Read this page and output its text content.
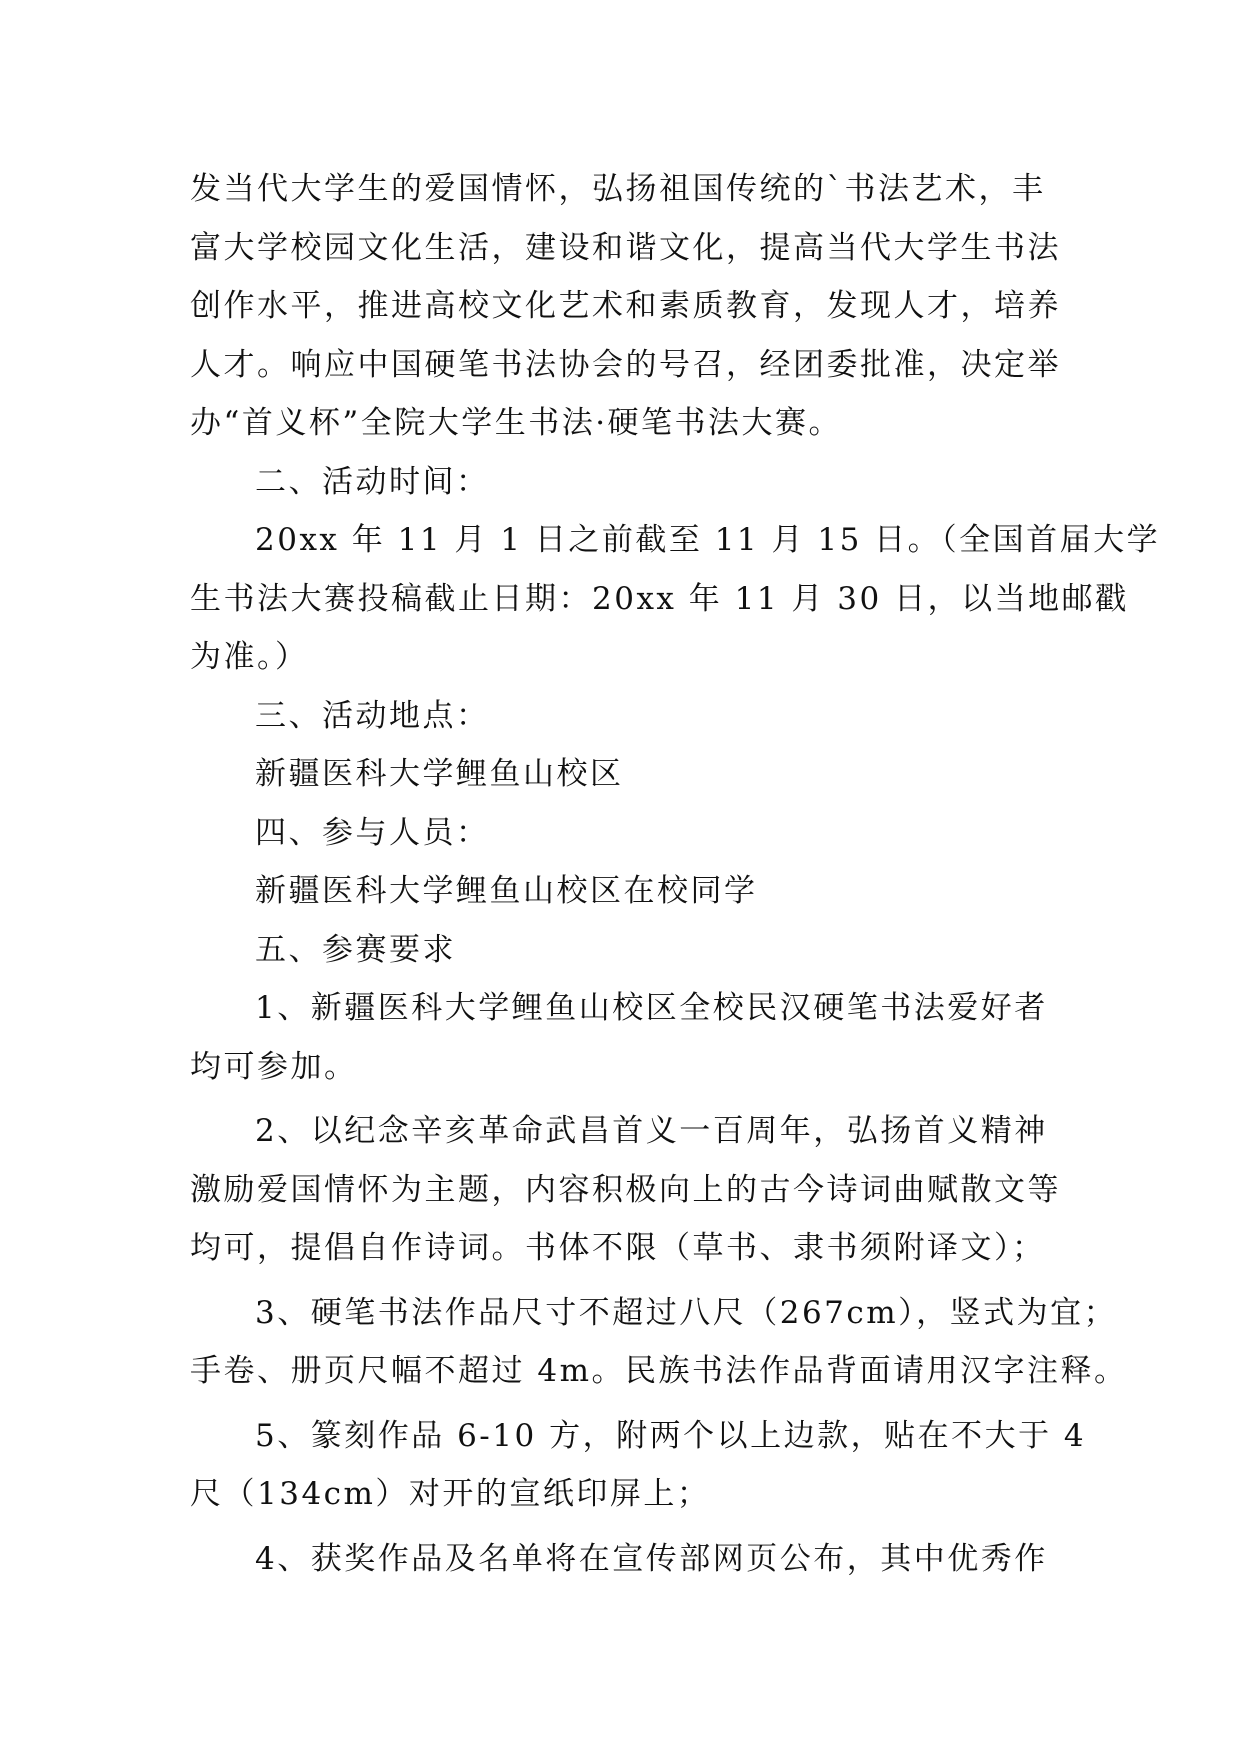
发当代大学生的爱国情怀，弘扬祖国传统的`书法艺术，丰
富大学校园文化生活，建设和谐文化，提高当代大学生书法
创作水平，推进高校文化艺术和素质教育，发现人才，培养
人才。响应中国硬笔书法协会的号召，经团委批准，决定举
办“首义杯”全院大学生书法·硬笔书法大赛。
二、活动时间：
20xx 年 11 月 1 日之前截至 11 月 15 日。（全国首届大学
生书法大赛投稿截止日期：20xx 年 11 月 30 日，以当地邮戳
为准。）
三、活动地点：
新疆医科大学鲤鱼山校区
四、参与人员：
新疆医科大学鲤鱼山校区在校同学
五、参赛要求
1、新疆医科大学鲤鱼山校区全校民汉硬笔书法爱好者
均可参加。
2、以纪念辛亥革命武昌首义一百周年，弘扬首义精神
激励爱国情怀为主题，内容积极向上的古今诗词曲赋散文等
均可，提倡自作诗词。书体不限（草书、隶书须附译文）；
3、硬笔书法作品尺寸不超过八尺（267cm），竖式为宜；
手卷、册页尺幅不超过 4m。民族书法作品背面请用汉字注释。
5、篆刻作品 6-10 方，附两个以上边款，贴在不大于 4
尺（134cm）对开的宣纸印屏上；
4、获奖作品及名单将在宣传部网页公布，其中优秀作
